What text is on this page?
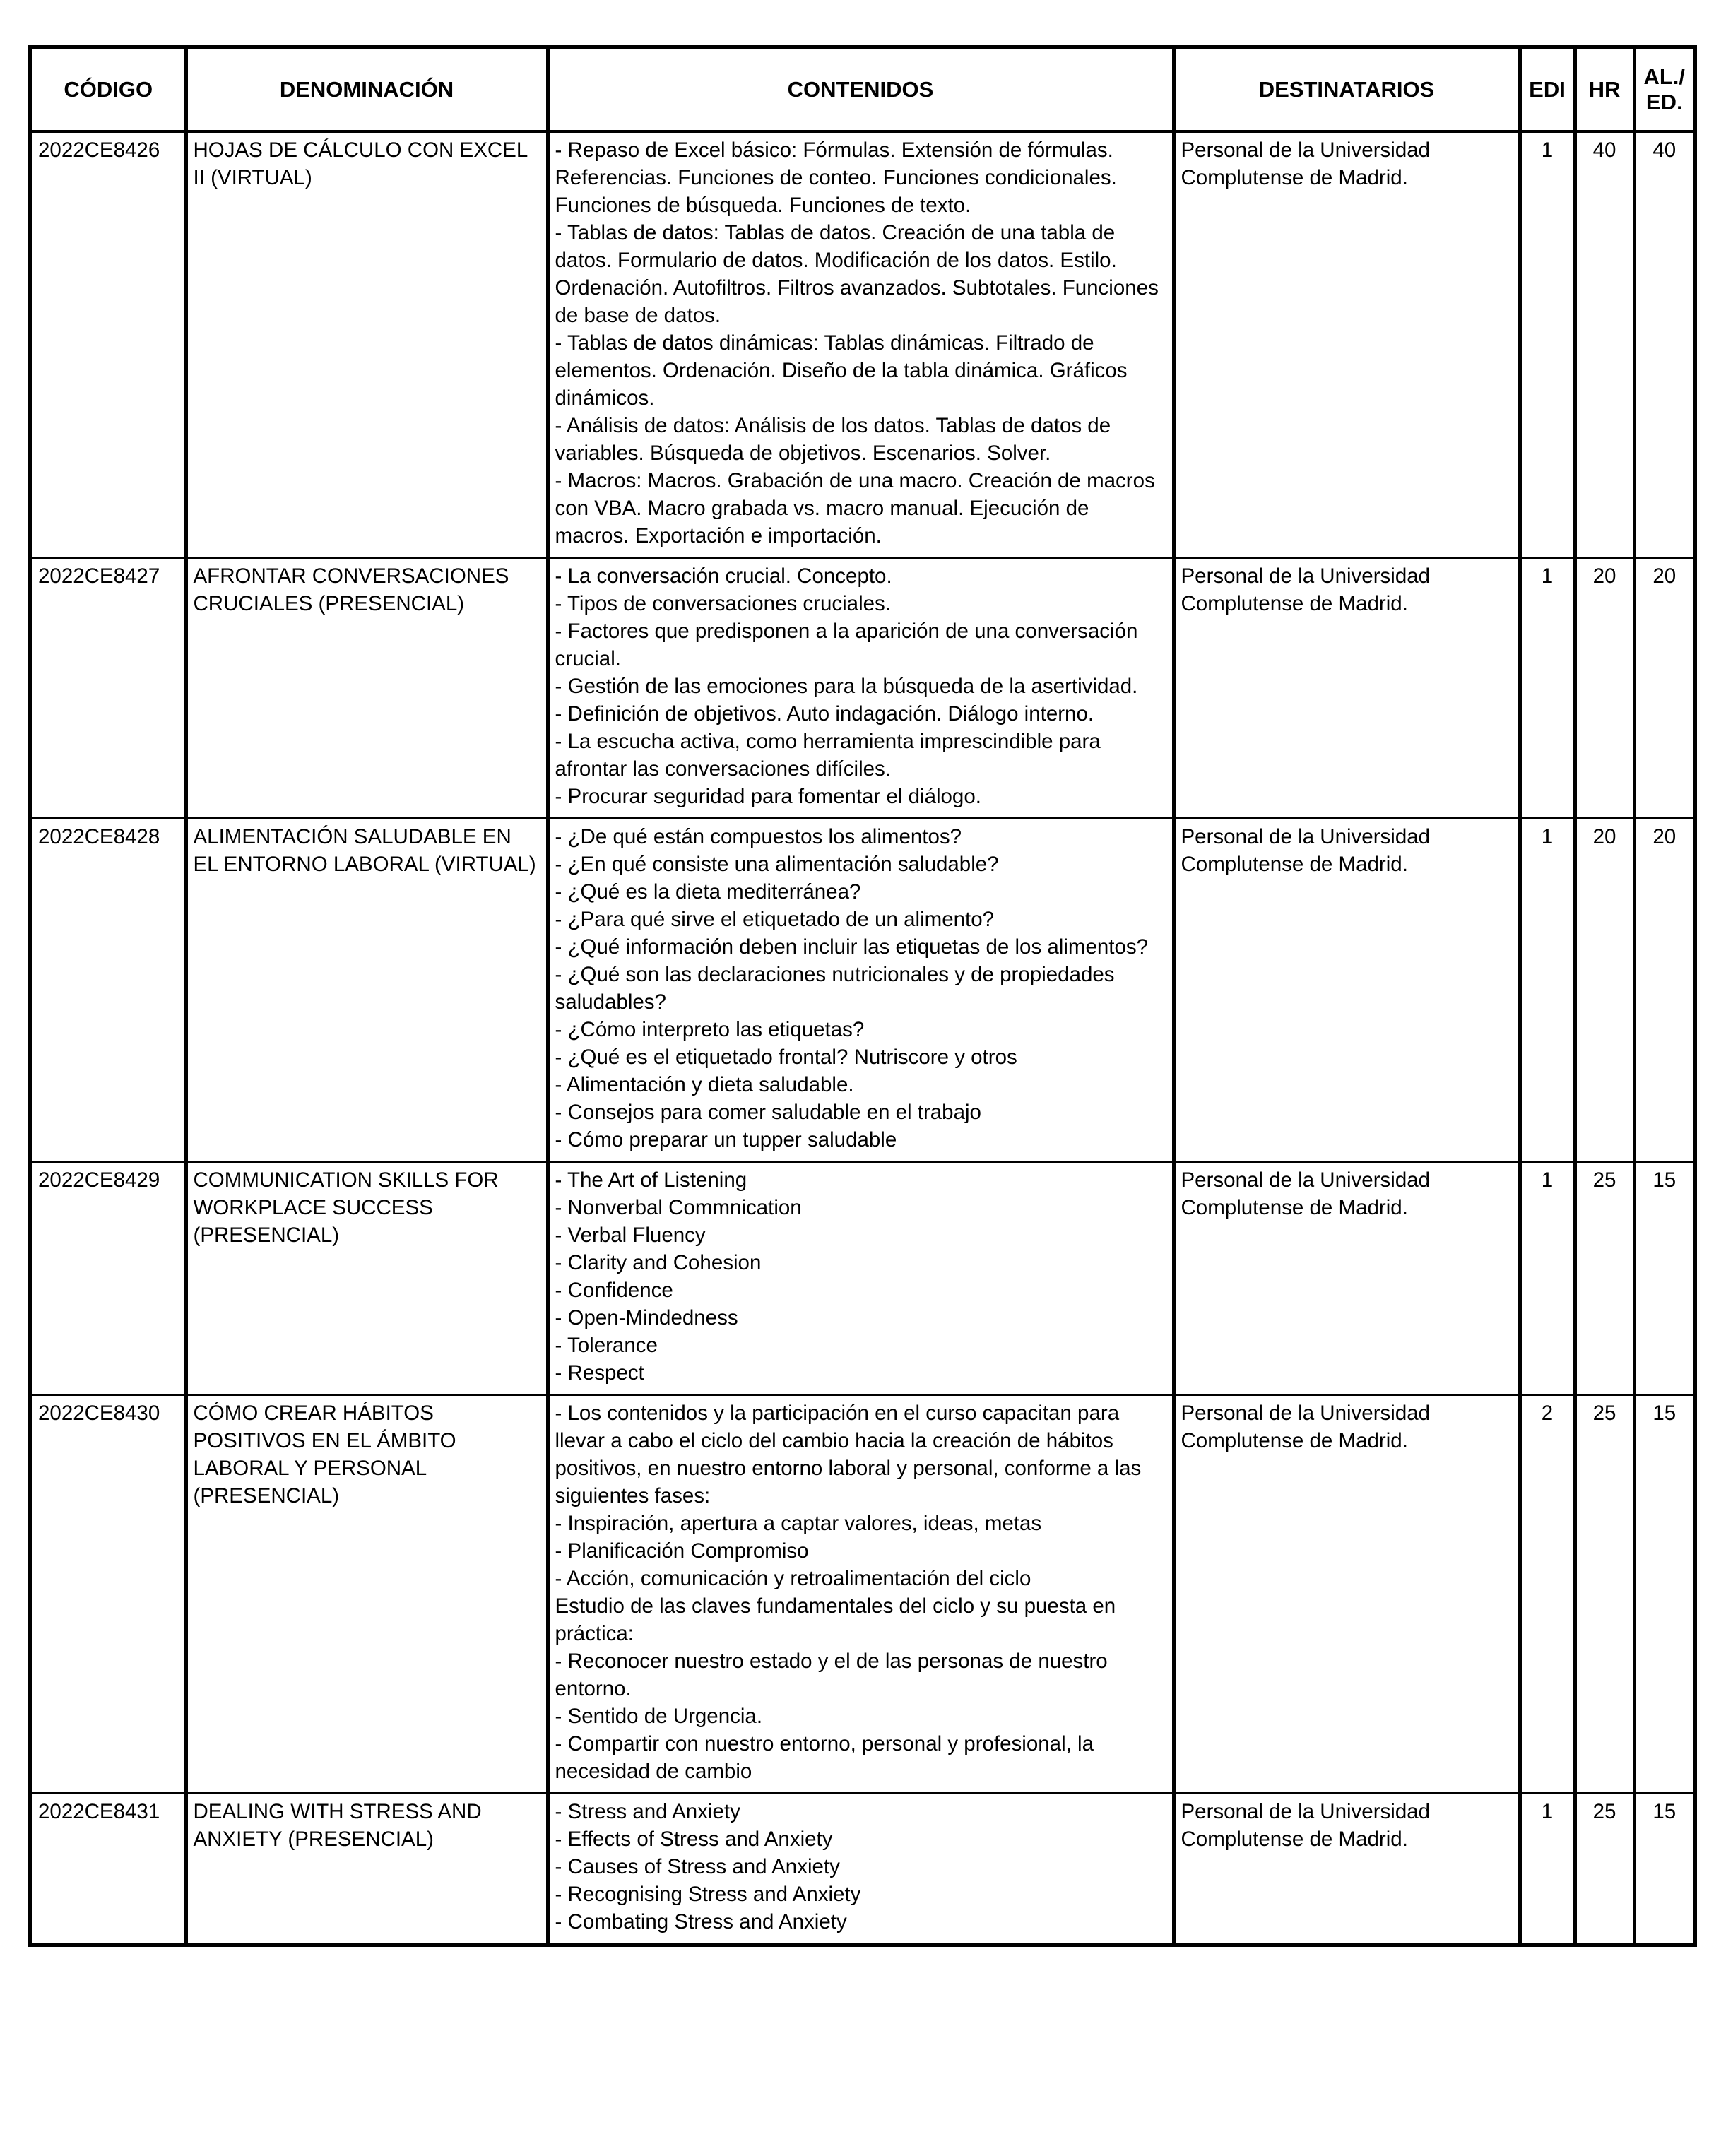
CÓDIGO	DENOMINACIÓN	CONTENIDOS	DESTINATARIOS	EDI	HR	AL./
ED.

2022CE8426	HOJAS DE CÁLCULO CON EXCEL II (VIRTUAL)	- Repaso de Excel básico: Fórmulas. Extensión de fórmulas. Referencias. Funciones de conteo. Funciones condicionales. Funciones de búsqueda. Funciones de texto.

- Tablas de datos: Tablas de datos. Creación de una tabla de datos. Formulario de datos. Modificación de los datos. Estilo. Ordenación. Autofiltros. Filtros avanzados. Subtotales. Funciones de base de datos.

- Tablas de datos dinámicas: Tablas dinámicas. Filtrado de elementos. Ordenación. Diseño de la tabla dinámica. Gráficos dinámicos.

- Análisis de datos: Análisis de los datos. Tablas de datos de variables. Búsqueda de objetivos. Escenarios. Solver.

- Macros: Macros. Grabación de una macro. Creación de macros con VBA. Macro grabada vs. macro manual. Ejecución de macros. Exportación e importación.	Personal de la Universidad Complutense de Madrid.	1	40	40
2022CE8427	AFRONTAR CONVERSACIONES CRUCIALES (PRESENCIAL)	

- La conversación crucial. Concepto.

- Tipos de conversaciones cruciales.

- Factores que predisponen a la aparición de una conversación crucial.

- Gestión de las emociones para la búsqueda de la asertividad.

- Definición de objetivos. Auto indagación. Diálogo interno.

- La escucha activa, como herramienta imprescindible para afrontar las conversaciones difíciles.

- Procurar seguridad para fomentar el diálogo.

	Personal de la Universidad Complutense de Madrid.	1	20	20
2022CE8428	ALIMENTACIÓN SALUDABLE EN EL ENTORNO LABORAL (VIRTUAL)	

- ¿De qué están compuestos los alimentos?

- ¿En qué consiste una alimentación saludable?

- ¿Qué es la dieta mediterránea?

- ¿Para qué sirve el etiquetado de un alimento?

- ¿Qué información deben incluir las etiquetas de los alimentos?

- ¿Qué son las declaraciones nutricionales y de propiedades saludables?

- ¿Cómo interpreto las etiquetas?

- ¿Qué es el etiquetado frontal? Nutriscore y otros

- Alimentación y dieta saludable.

- Consejos para comer saludable en el trabajo

- Cómo preparar un tupper saludable

	Personal de la Universidad Complutense de Madrid.	1	20	20
2022CE8429	COMMUNICATION SKILLS FOR WORKPLACE SUCCESS (PRESENCIAL)	

- The Art of Listening

- Nonverbal Commnication

- Verbal Fluency

- Clarity and Cohesion

- Confidence

- Open-Mindedness

- Tolerance

- Respect

	Personal de la Universidad Complutense de Madrid.	1	25	15
2022CE8430	CÓMO CREAR HÁBITOS POSITIVOS EN EL ÁMBITO LABORAL Y PERSONAL (PRESENCIAL)	

- Los contenidos y la participación en el curso capacitan para llevar a cabo el ciclo del cambio hacia la creación de hábitos positivos, en nuestro entorno laboral y personal, conforme a las siguientes fases:

- Inspiración, apertura a captar valores, ideas, metas

- Planificación Compromiso

- Acción, comunicación y retroalimentación del ciclo

Estudio de las claves fundamentales del ciclo y su puesta en práctica:

- Reconocer nuestro estado y el de las personas de nuestro entorno.

- Sentido de Urgencia.

- Compartir con nuestro entorno, personal y profesional, la necesidad de cambio

	Personal de la Universidad Complutense de Madrid.	2	25	15
2022CE8431	DEALING WITH STRESS AND ANXIETY (PRESENCIAL)	- Stress and Anxiety

- Effects of Stress and Anxiety

- Causes of Stress and Anxiety

- Recognising Stress and Anxiety

- Combating Stress and Anxiety	Personal de la Universidad Complutense de Madrid.	1	25	15
